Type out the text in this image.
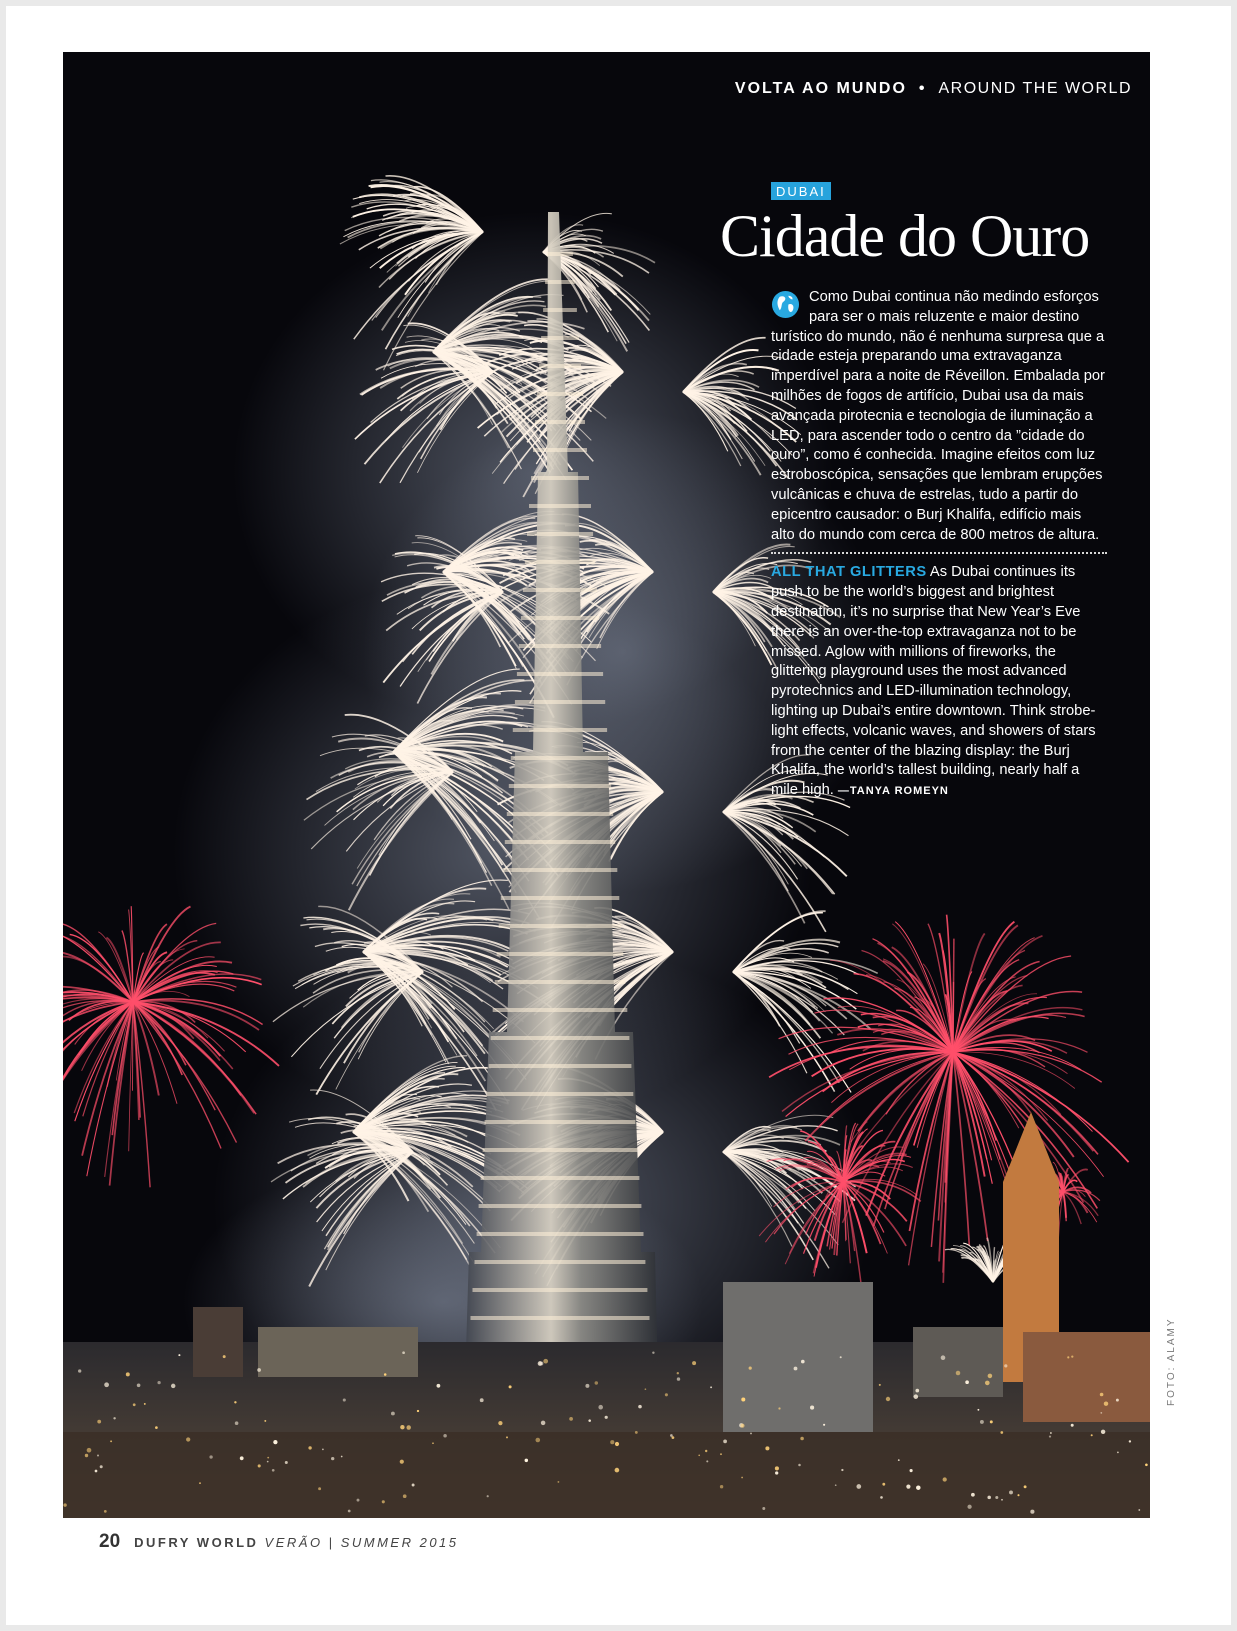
VOLTA AO MUNDO • AROUND THE WORLD
DUBAI
Cidade do Ouro

Como Dubai continua não medindo esforços para ser o mais reluzente e maior destino turístico do mundo, não é nenhuma surpresa que a cidade esteja preparando uma extravaganza imperdível para a noite de Réveillon. Embalada por milhões de fogos de artifício, Dubai usa da mais avançada pirotecnia e tecnologia de iluminação a LED, para ascender todo o centro da ”cidade do ouro”, como é conhecida. Imagine efeitos com luz estroboscópica, sensações que lembram erupções vulcânicas e chuva de estrelas, tudo a partir do epicentro causador: o Burj Khalifa, edifício mais alto do mundo com cerca de 800 metros de altura.

ALL THAT GLITTERS As Dubai continues its push to be the world’s biggest and brightest destination, it’s no surprise that New Year’s Eve there is an over-the-top extravaganza not to be missed. Aglow with millions of fireworks, the glittering playground uses the most advanced pyrotechnics and LED-illumination technology, lighting up Dubai’s entire downtown. Think strobe-light effects, volcanic waves, and showers of stars from the center of the blazing display: the Burj Khalifa, the world’s tallest building, nearly half a mile high. —TANYA ROMEYN

FOTO: ALAMY
20 DUFRY WORLD VERÃO | SUMMER 2015
